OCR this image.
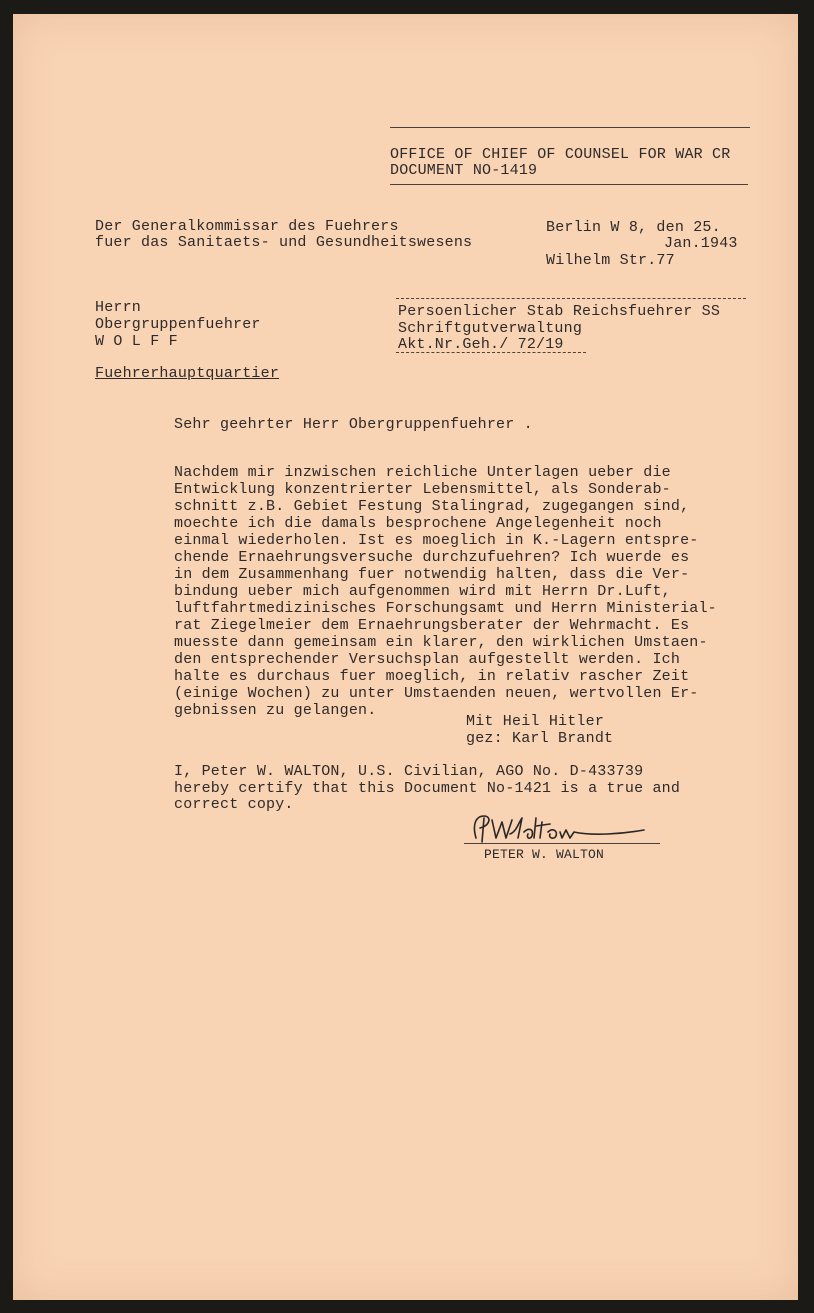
OFFICE OF CHIEF OF COUNSEL FOR WAR CR
DOCUMENT NO-1419
Der Generalkommissar des Fuehrers
fuer das Sanitaets- und Gesundheitswesens
Berlin W 8, den 25.
Jan.1943
Wilhelm Str.77
Herrn
Obergruppenfuehrer
W O L F F
Fuehrerhauptquartier
Persoenlicher Stab Reichsfuehrer SS
Schriftgutverwaltung
Akt.Nr.Geh./ 72/19
Sehr geehrter Herr Obergruppenfuehrer .
Nachdem mir inzwischen reichliche Unterlagen ueber die
Entwicklung konzentrierter Lebensmittel, als Sonderab-
schnitt z.B. Gebiet Festung Stalingrad, zugegangen sind,
moechte ich die damals besprochene Angelegenheit noch
einmal wiederholen. Ist es moeglich in K.-Lagern entspre-
chende Ernaehrungsversuche durchzufuehren? Ich wuerde es
in dem Zusammenhang fuer notwendig halten, dass die Ver-
bindung ueber mich aufgenommen wird mit Herrn Dr.Luft,
luftfahrtmedizinisches Forschungsamt und Herrn Ministerial-
rat Ziegelmeier dem Ernaehrungsberater der Wehrmacht. Es
muesste dann gemeinsam ein klarer, den wirklichen Umstaen-
den entsprechender Versuchsplan aufgestellt werden. Ich
halte es durchaus fuer moeglich, in relativ rascher Zeit
(einige Wochen) zu unter Umstaenden neuen, wertvollen Er-
gebnissen zu gelangen.
Mit Heil Hitler
gez: Karl Brandt
I, Peter W. WALTON, U.S. Civilian, AGO No. D-433739
hereby certify that this Document No-1421 is a true and
correct copy.
PETER W. WALTON
